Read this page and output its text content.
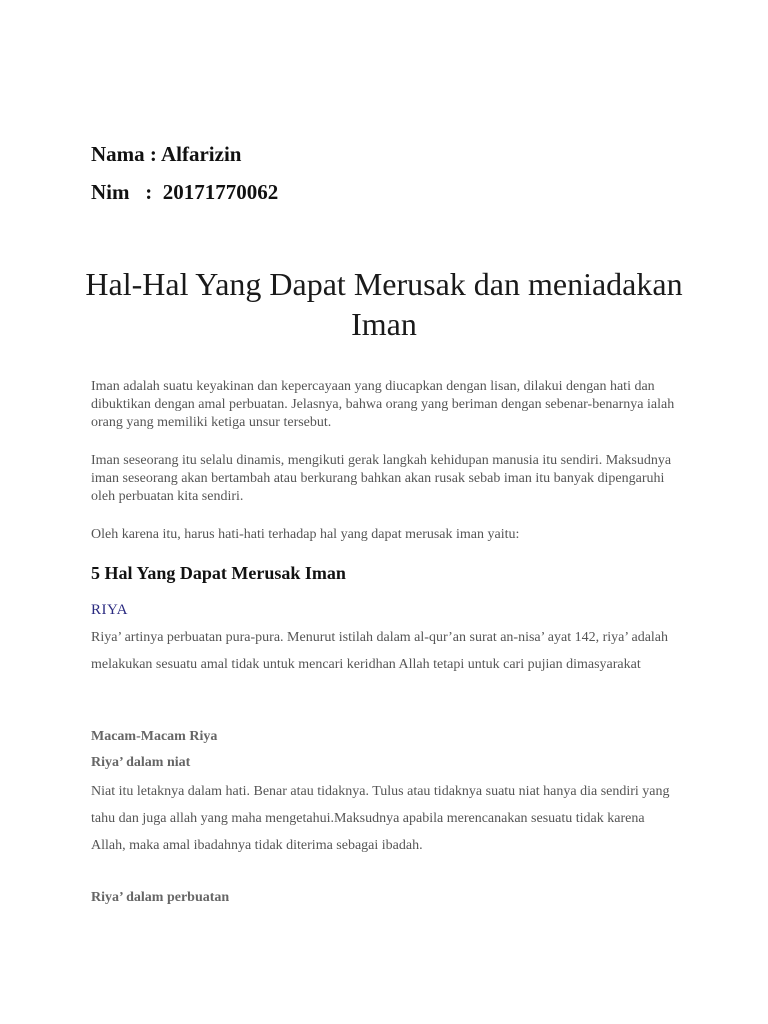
Nama : Alfarizin
Nim   :  20171770062
Hal-Hal Yang Dapat Merusak dan meniadakan Iman

Iman adalah suatu keyakinan dan kepercayaan yang diucapkan dengan lisan, dilakui dengan hati dan dibuktikan dengan amal perbuatan. Jelasnya, bahwa orang yang beriman dengan sebenar-benarnya ialah orang yang memiliki ketiga unsur tersebut.

Iman seseorang itu selalu dinamis, mengikuti gerak langkah kehidupan manusia itu sendiri. Maksudnya iman seseorang akan bertambah atau berkurang bahkan akan rusak sebab iman itu banyak dipengaruhi oleh perbuatan kita sendiri.

Oleh karena itu, harus hati-hati terhadap hal yang dapat merusak iman yaitu:

5 Hal Yang Dapat Merusak Iman
RIYA

Riya’ artinya perbuatan pura-pura. Menurut istilah dalam al-qur’an surat an-nisa’ ayat 142, riya’ adalah melakukan sesuatu amal tidak untuk mencari keridhan Allah tetapi untuk cari pujian dimasyarakat

Macam-Macam Riya
Riya’ dalam niat

Niat itu letaknya dalam hati. Benar atau tidaknya. Tulus atau tidaknya suatu niat hanya dia sendiri yang tahu dan juga allah yang maha mengetahui.Maksudnya apabila merencanakan sesuatu tidak karena Allah, maka amal ibadahnya tidak diterima sebagai ibadah.

Riya’ dalam perbuatan
